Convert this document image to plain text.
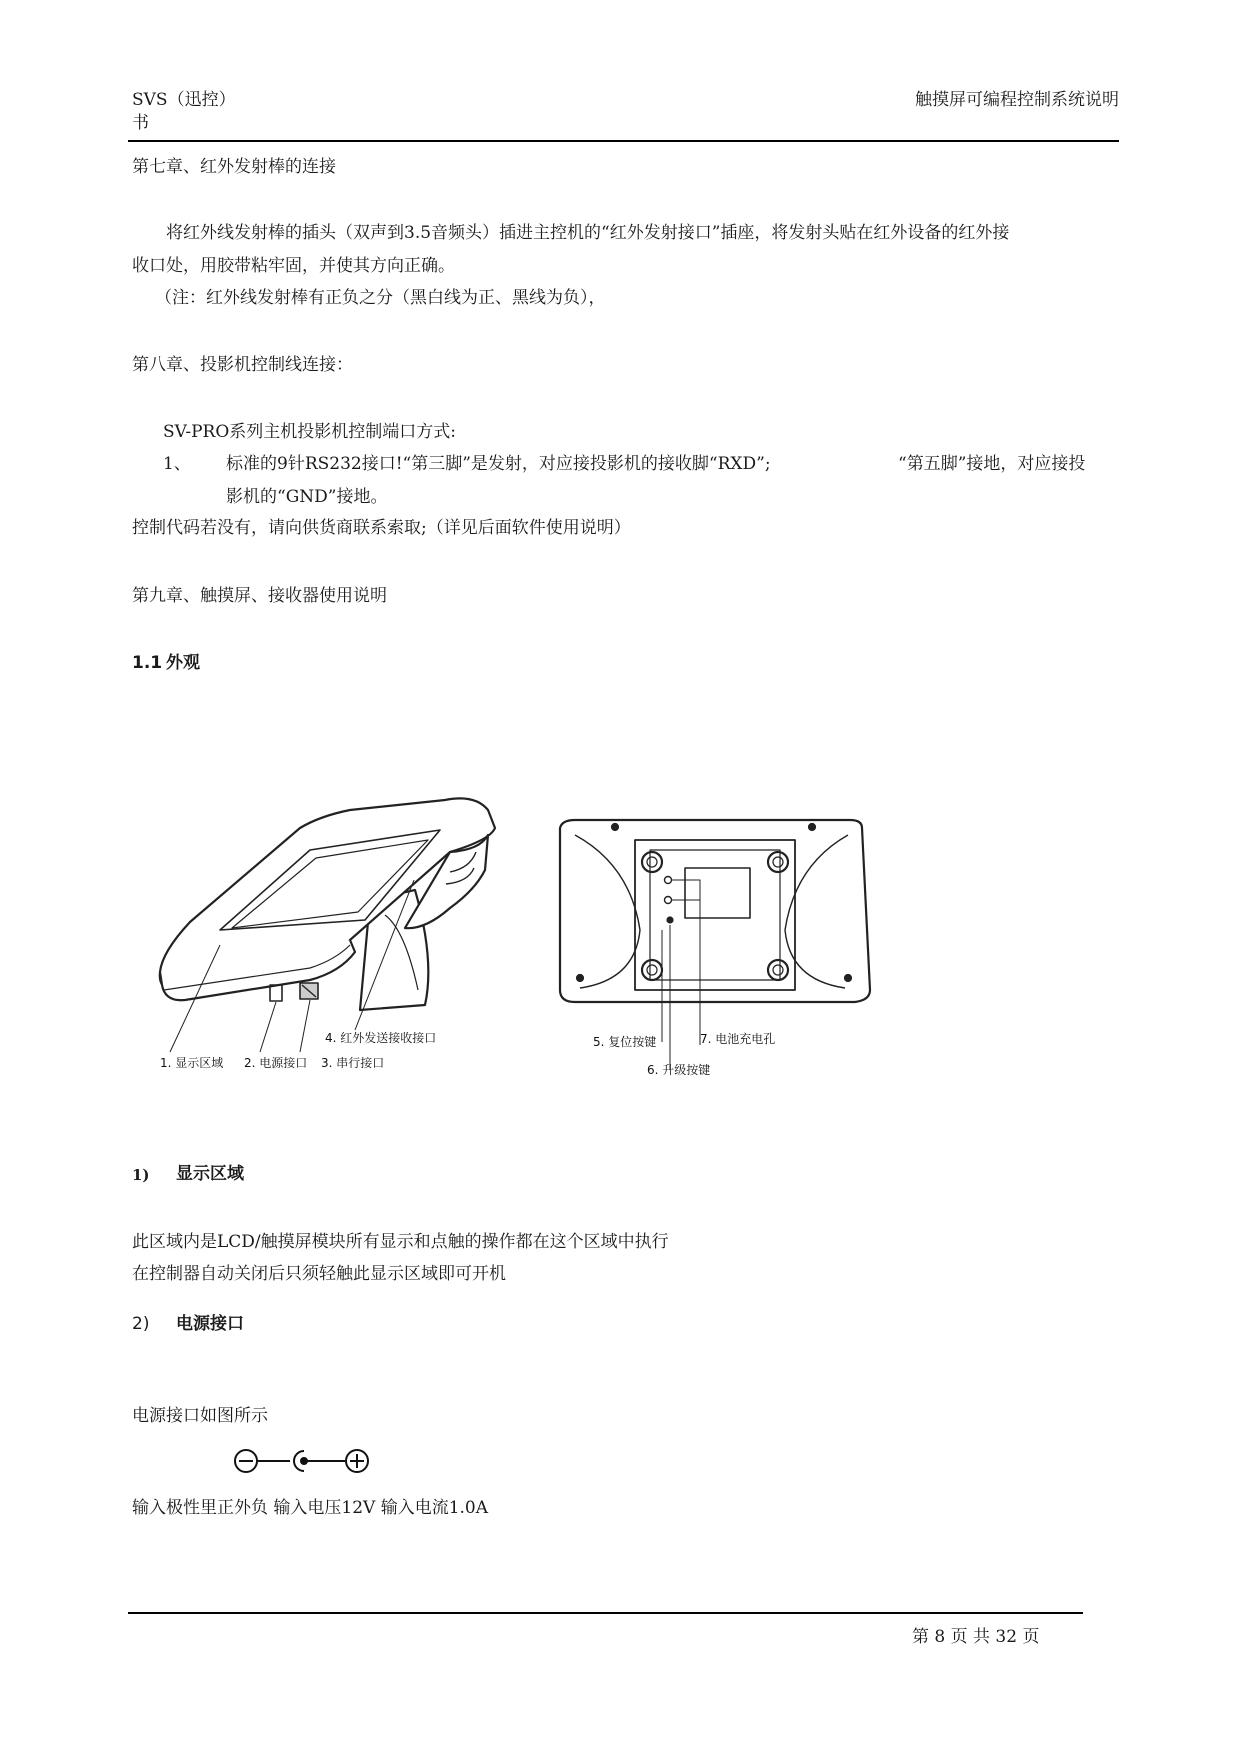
SVS（迅控）
书
触摸屏可编程控制系统说明
第七章、红外发射棒的连接
将红外线发射棒的插头（双声到3.5音频头）插进主控机的“红外发射接口”插座，将发射头贴在红外设备的红外接
收口处，用胶带粘牢固，并使其方向正确。
（注：红外线发射棒有正负之分（黑白线为正、黑线为负），
第八章、投影机控制线连接：
SV-PRO系列主机投影机控制端口方式:
1、 标准的9针RS232接口!“第三脚”是发射，对应接投影机的接收脚“RXD”;	“第五脚”接地，对应接投
影机的“GND”接地。
控制代码若没有，请向供货商联系索取;（详见后面软件使用说明）
第九章、触摸屏、接收器使用说明
1.1 外观
4. 红外发送接收接口
1. 显示区域 2. 电源接口 3. 串行接口
5. 复位按键	7. 电池充电孔
6. 升级按键
1) 显示区域
此区域内是LCD/触摸屏模块所有显示和点触的操作都在这个区域中执行
在控制器自动关闭后只须轻触此显示区域即可开机
2) 电源接口
电源接口如图所示
输入极性里正外负 输入电压12V 输入电流1.0A
第 8 页 共 32 页
